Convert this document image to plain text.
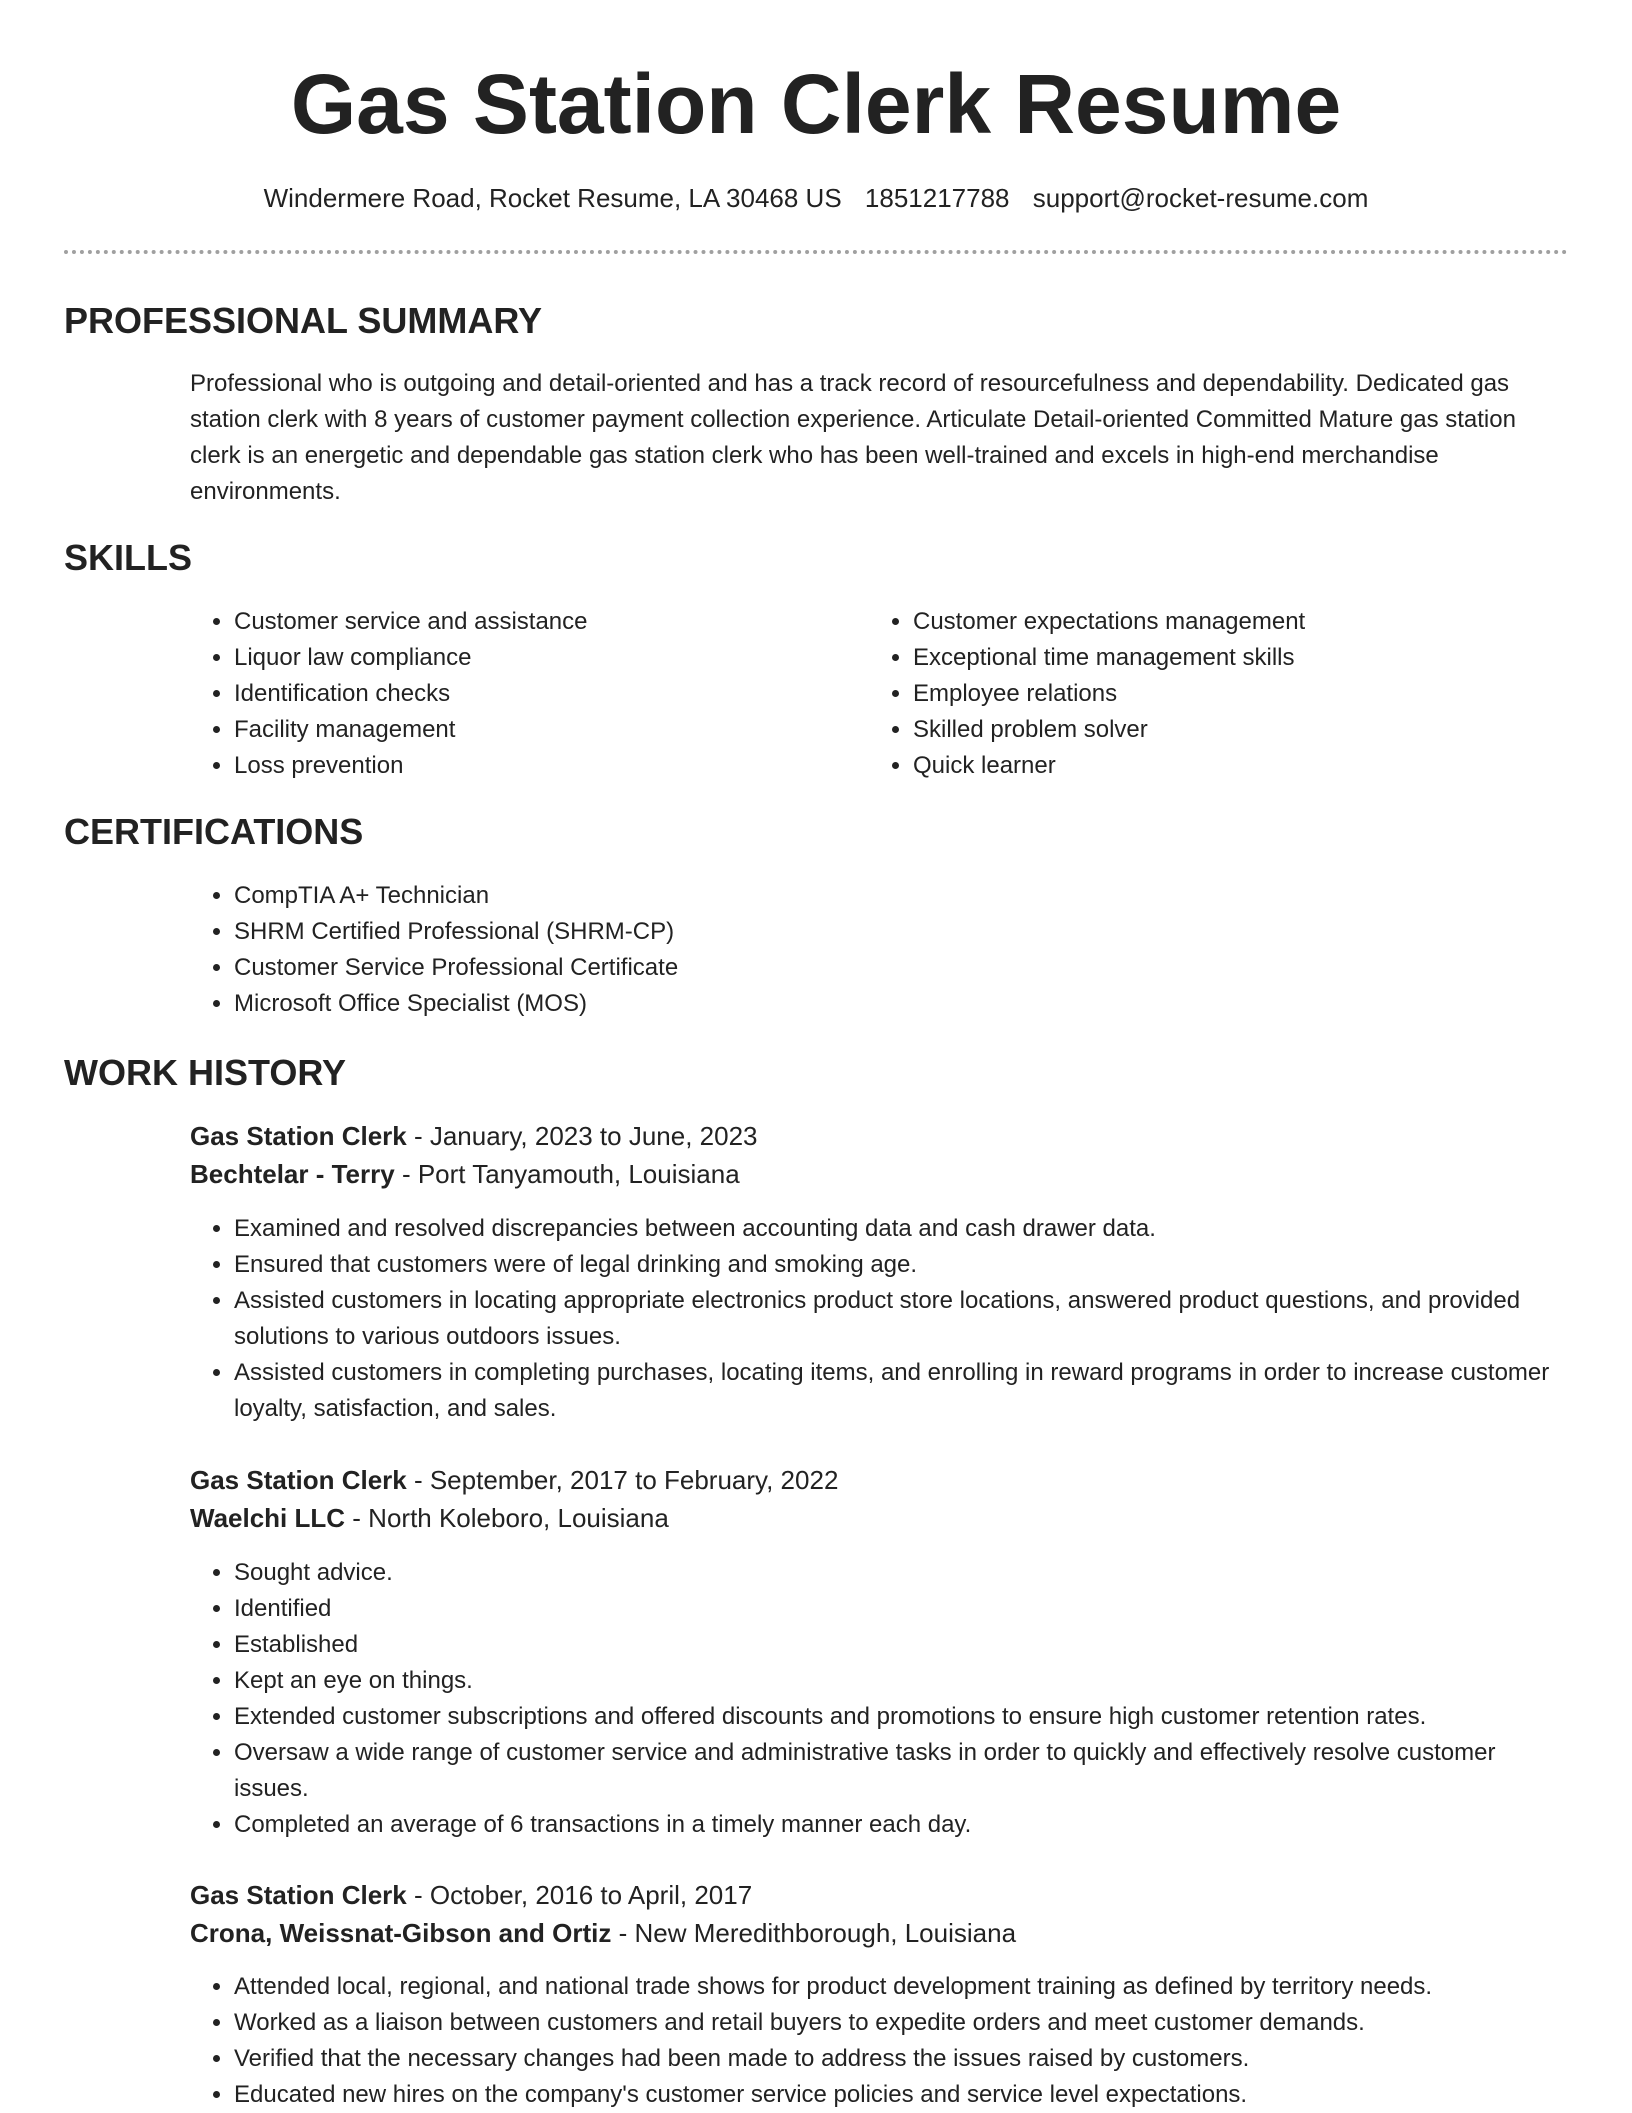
Gas Station Clerk Resume
Windermere Road, Rocket Resume, LA 30468 US 1851217788 support@rocket-resume.com
PROFESSIONAL SUMMARY

Professional who is outgoing and detail-oriented and has a track record of resourcefulness and dependability. Dedicated gas station clerk with 8 years of customer payment collection experience. Articulate Detail-oriented Committed Mature gas station clerk is an energetic and dependable gas station clerk who has been well-trained and excels in high-end merchandise environments.

SKILLS
• Customer service and assistance
• Liquor law compliance
• Identification checks
• Facility management
• Loss prevention
• Customer expectations management
• Exceptional time management skills
• Employee relations
• Skilled problem solver
• Quick learner
CERTIFICATIONS
• CompTIA A+ Technician
• SHRM Certified Professional (SHRM-CP)
• Customer Service Professional Certificate
• Microsoft Office Specialist (MOS)
WORK HISTORY
Gas Station Clerk - January, 2023 to June, 2023
Bechtelar - Terry - Port Tanyamouth, Louisiana
• Examined and resolved discrepancies between accounting data and cash drawer data.
• Ensured that customers were of legal drinking and smoking age.
• Assisted customers in locating appropriate electronics product store locations, answered product questions, and provided solutions to various outdoors issues.
• Assisted customers in completing purchases, locating items, and enrolling in reward programs in order to increase customer loyalty, satisfaction, and sales.
Gas Station Clerk - September, 2017 to February, 2022
Waelchi LLC - North Koleboro, Louisiana
• Sought advice.
• Identified
• Established
• Kept an eye on things.
• Extended customer subscriptions and offered discounts and promotions to ensure high customer retention rates.
• Oversaw a wide range of customer service and administrative tasks in order to quickly and effectively resolve customer issues.
• Completed an average of 6 transactions in a timely manner each day.
Gas Station Clerk - October, 2016 to April, 2017
Crona, Weissnat-Gibson and Ortiz - New Meredithborough, Louisiana
• Attended local, regional, and national trade shows for product development training as defined by territory needs.
• Worked as a liaison between customers and retail buyers to expedite orders and meet customer demands.
• Verified that the necessary changes had been made to address the issues raised by customers.
• Educated new hires on the company's customer service policies and service level expectations.
